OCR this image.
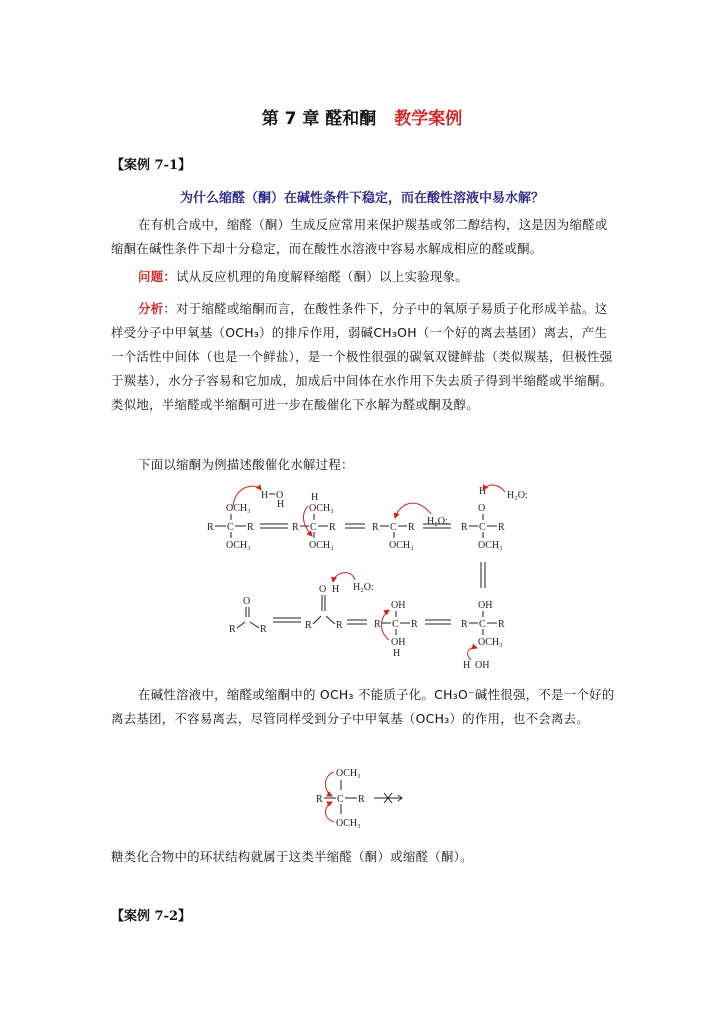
第 7 章 醛和酮 教学案例
【案例 7-1】
为什么缩醛（酮）在碱性条件下稳定，而在酸性溶液中易水解？
在有机合成中，缩醛（酮）生成反应常用来保护羰基或邻二醇结构，这是因为缩醛或缩酮在碱性条件下却十分稳定，而在酸性水溶液中容易水解成相应的醛或酮。
问题：试从反应机理的角度解释缩醛（酮）以上实验现象。
分析：对于缩醛或缩酮而言，在酸性条件下，分子中的氧原子易质子化形成羊盐。这样受分子中甲氧基（OCH₃）的排斥作用，弱碱CH₃OH（一个好的离去基团）离去，产生一个活性中间体（也是一个鲜盐），是一个极性很强的碳氧双键鲜盐（类似羰基，但极性强于羰基），水分子容易和它加成，加成后中间体在水作用下失去质子得到半缩醛或半缩酮。类似地，半缩醛或半缩酮可进一步在酸催化下水解为醛或酮及醇。
下面以缩酮为例描述酸催化水解过程：
OCH₃
R C R
OCH₃
H O
H
H
OCH₃
R C R
OCH₃
R C R
OCH₃
H₂O:
H H₂O:
O
R C R
OCH₃
O
R R
O H
R R
H₂O:
OH
R C R
OH
H
OH
R C R
OCH₃
H OH
在碱性溶液中，缩醛或缩酮中的 OCH₃ 不能质子化。CH₃O⁻碱性很强，不是一个好的离去基团，不容易离去，尽管同样受到分子中甲氧基（OCH₃）的作用，也不会离去。
OCH₃
R C R
OCH₃
糖类化合物中的环状结构就属于这类半缩醛（酮）或缩醛（酮）。
【案例 7-2】
